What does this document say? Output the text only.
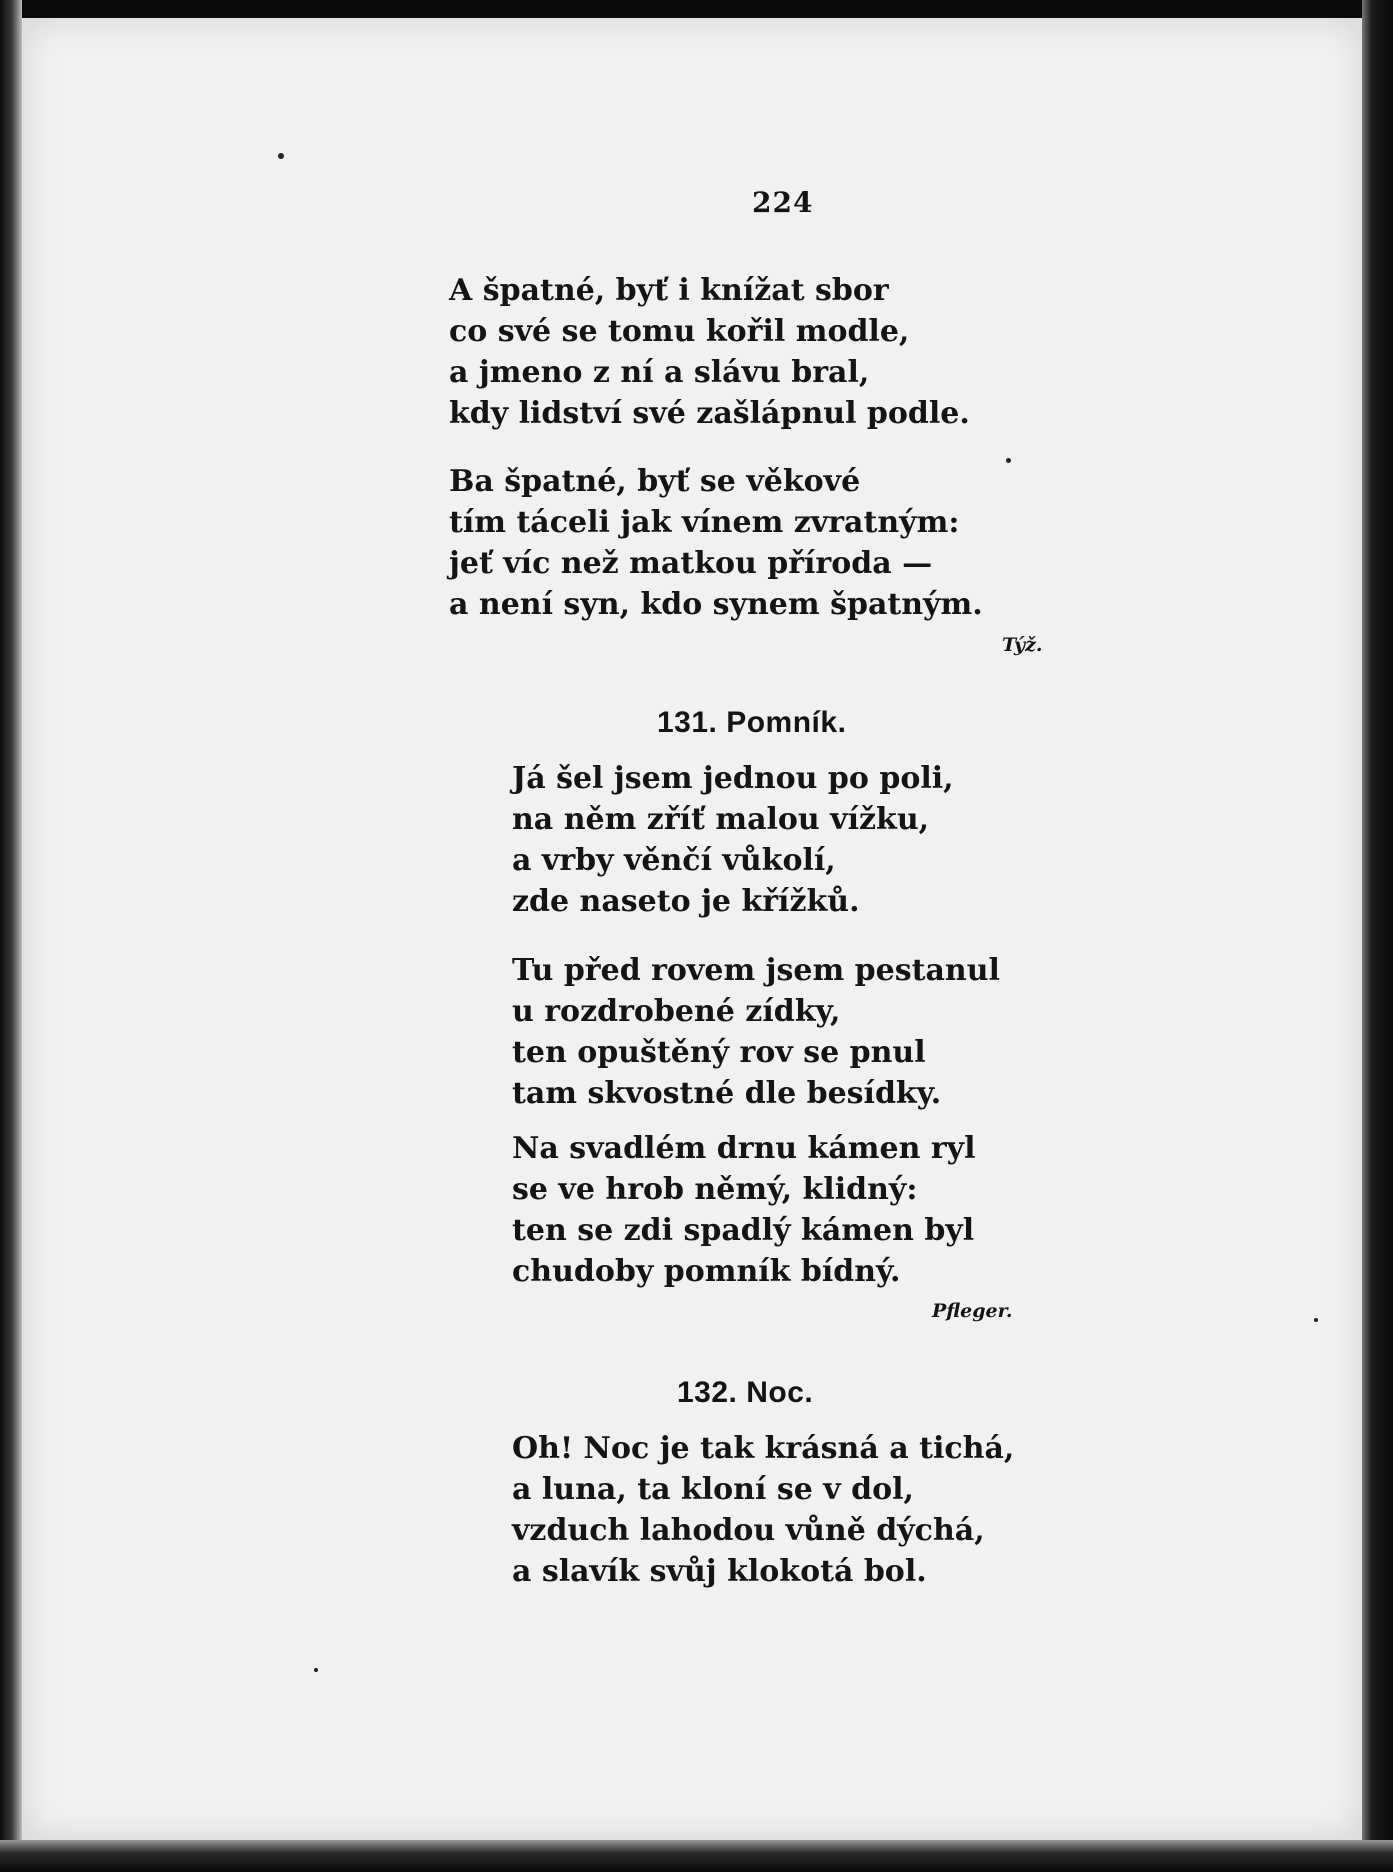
224
A špatné, byť i knížat sbor
co své se tomu kořil modle,
a jmeno z ní a slávu bral,
kdy lidství své zašlápnul podle.
Ba špatné, byť se věkové
tím táceli jak vínem zvratným:
jeť víc než matkou příroda —
a není syn, kdo synem špatným.
Týž.
131. Pomník.
Já šel jsem jednou po poli,
na něm zříť malou vížku,
a vrby věnčí vůkolí,
zde naseto je křížků.
Tu před rovem jsem pestanul
u rozdrobené zídky,
ten opuštěný rov se pnul
tam skvostné dle besídky.
Na svadlém drnu kámen ryl
se ve hrob němý, klidný:
ten se zdi spadlý kámen byl
chudoby pomník bídný.
Pfleger.
132. Noc.
Oh! Noc je tak krásná a tichá,
a luna, ta kloní se v dol,
vzduch lahodou vůně dýchá,
a slavík svůj klokotá bol.
